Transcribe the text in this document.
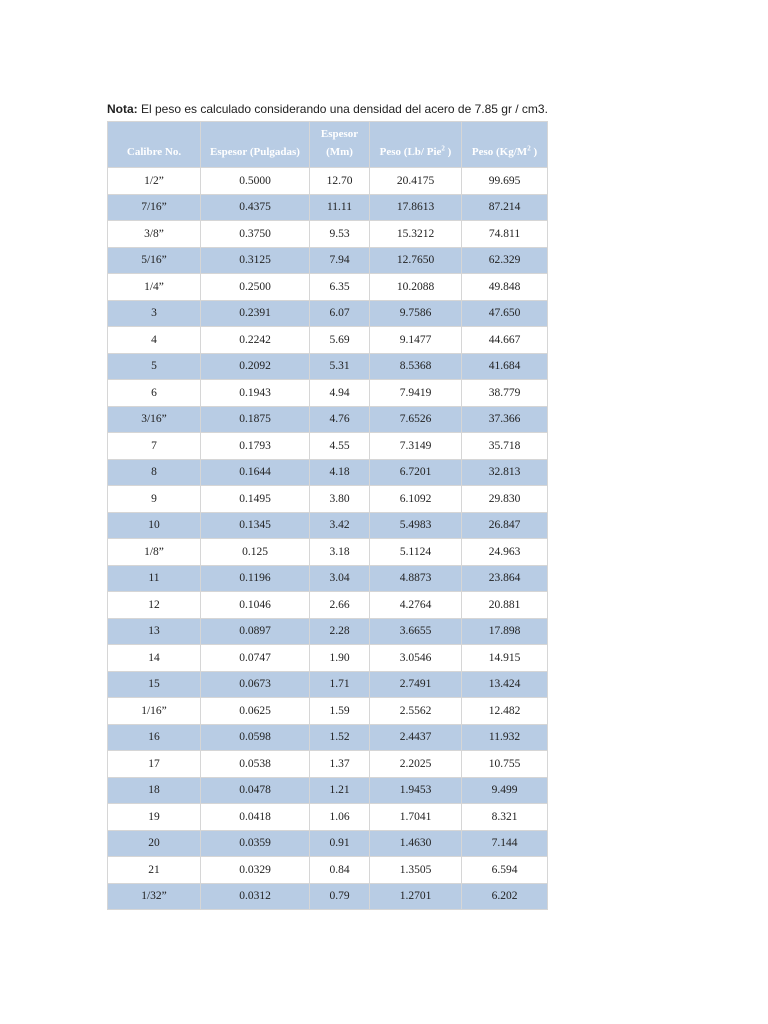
Nota: El peso es calculado considerando una densidad del acero de 7.85 gr / cm3.

Calibre No.	Espesor (Pulgadas)	Espesor (Mm)	Peso (Lb/ Pie$^2$ )	Peso ($Kg/M^2$ )
1/2”	0.5000	12.70	20.4175	99.695
7/16”	0.4375	11.11	17.8613	87.214
3/8”	0.3750	9.53	15.3212	74.811
5/16”	0.3125	7.94	12.7650	62.329
1/4”	0.2500	6.35	10.2088	49.848
3	0.2391	6.07	9.7586	47.650
4	0.2242	5.69	9.1477	44.667
5	0.2092	5.31	8.5368	41.684
6	0.1943	4.94	7.9419	38.779
3/16”	0.1875	4.76	7.6526	37.366
7	0.1793	4.55	7.3149	35.718
8	0.1644	4.18	6.7201	32.813
9	0.1495	3.80	6.1092	29.830
10	0.1345	3.42	5.4983	26.847
1/8”	0.125	3.18	5.1124	24.963
11	0.1196	3.04	4.8873	23.864
12	0.1046	2.66	4.2764	20.881
13	0.0897	2.28	3.6655	17.898
14	0.0747	1.90	3.0546	14.915
15	0.0673	1.71	2.7491	13.424
1/16”	0.0625	1.59	2.5562	12.482
16	0.0598	1.52	2.4437	11.932
17	0.0538	1.37	2.2025	10.755
18	0.0478	1.21	1.9453	9.499
19	0.0418	1.06	1.7041	8.321
20	0.0359	0.91	1.4630	7.144
21	0.0329	0.84	1.3505	6.594
1/32”	0.0312	0.79	1.2701	6.202
